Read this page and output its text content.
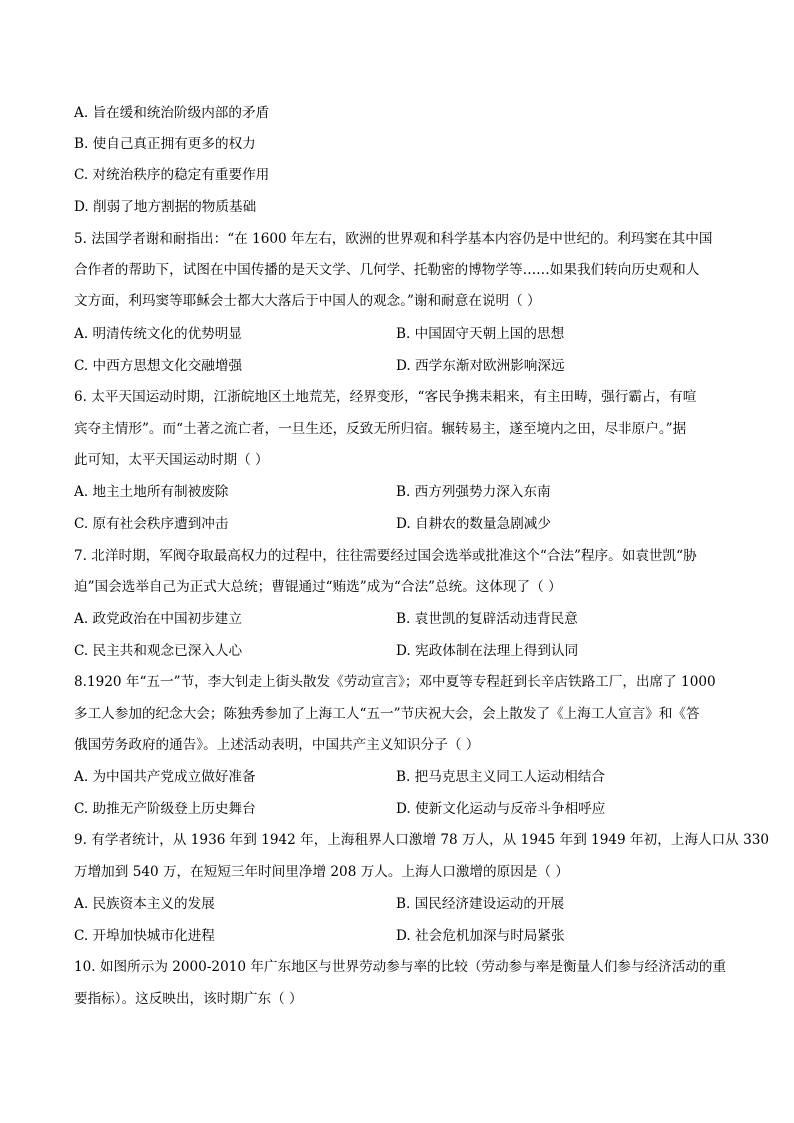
A. 旨在缓和统治阶级内部的矛盾
B. 使自己真正拥有更多的权力
C. 对统治秩序的稳定有重要作用
D. 削弱了地方割据的物质基础
5. 法国学者谢和耐指出：“在 1600 年左右，欧洲的世界观和科学基本内容仍是中世纪的。利玛窦在其中国
合作者的帮助下，试图在中国传播的是天文学、几何学、托勒密的博物学等……如果我们转向历史观和人
文方面，利玛窦等耶稣会士都大大落后于中国人的观念。”谢和耐意在说明（ ）
A. 明清传统文化的优势明显	B. 中国固守天朝上国的思想
C. 中西方思想文化交融增强	D. 西学东渐对欧洲影响深远
6. 太平天国运动时期，江浙皖地区土地荒芜，经界变形，“客民争携耒耜来，有主田畴，强行霸占，有喧
宾夺主情形”。而“土著之流亡者，一旦生还，反致无所归宿。辗转易主，遂至境内之田，尽非原户。”据
此可知，太平天国运动时期（ ）
A. 地主土地所有制被废除	B. 西方列强势力深入东南
C. 原有社会秩序遭到冲击	D. 自耕农的数量急剧减少
7. 北洋时期，军阀夺取最高权力的过程中，往往需要经过国会选举或批准这个“合法”程序。如袁世凯“胁
迫”国会选举自己为正式大总统；曹锟通过“贿选”成为“合法”总统。这体现了（ ）
A. 政党政治在中国初步建立	B. 袁世凯的复辟活动违背民意
C. 民主共和观念已深入人心	D. 宪政体制在法理上得到认同
8.1920 年“五一”节，李大钊走上街头散发《劳动宣言》；邓中夏等专程赶到长辛店铁路工厂，出席了 1000
多工人参加的纪念大会；陈独秀参加了上海工人“五一”节庆祝大会，会上散发了《上海工人宣言》和《答
俄国劳务政府的通告》。上述活动表明，中国共产主义知识分子（ ）
A. 为中国共产党成立做好准备	B. 把马克思主义同工人运动相结合
C. 助推无产阶级登上历史舞台	D. 使新文化运动与反帝斗争相呼应
9. 有学者统计，从 1936 年到 1942 年，上海租界人口激增 78 万人，从 1945 年到 1949 年初，上海人口从 330
万增加到 540 万，在短短三年时间里净增 208 万人。上海人口激增的原因是（ ）
A. 民族资本主义的发展	B. 国民经济建设运动的开展
C. 开埠加快城市化进程	D. 社会危机加深与时局紧张
10. 如图所示为 2000-2010 年广东地区与世界劳动参与率的比较（劳动参与率是衡量人们参与经济活动的重
要指标）。这反映出，该时期广东（ ）
